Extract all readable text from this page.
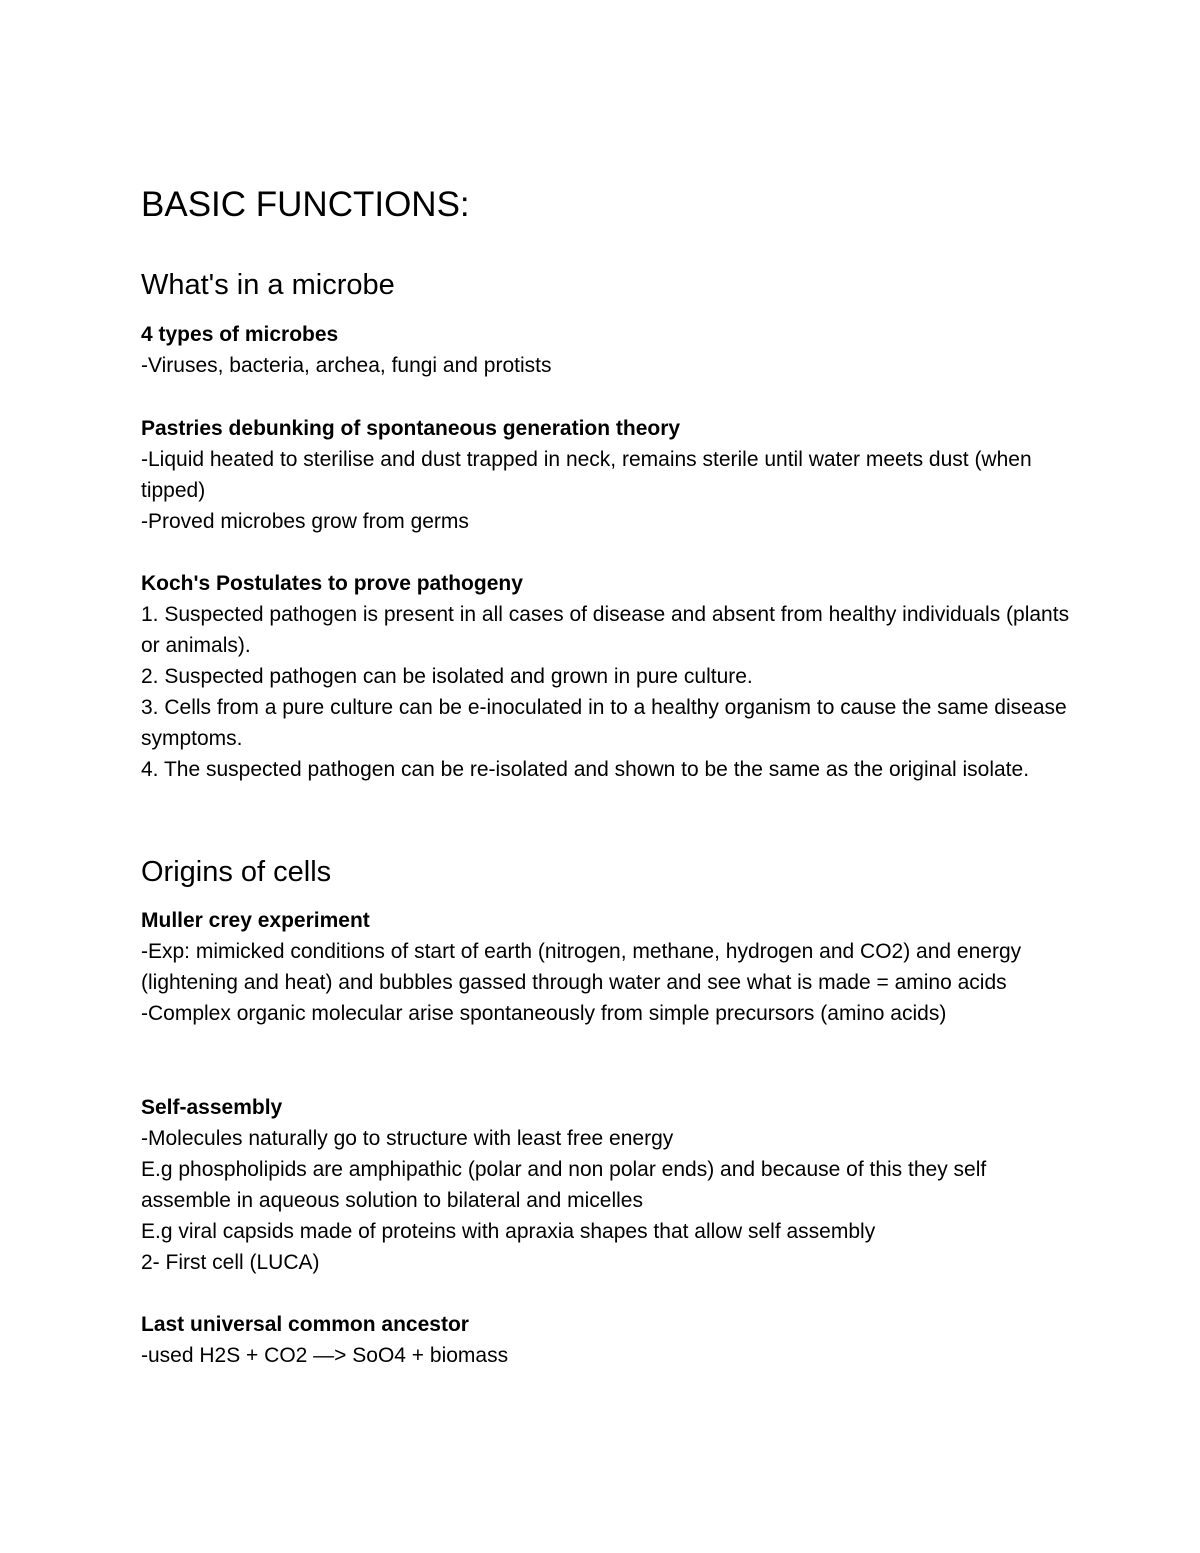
BASIC FUNCTIONS:
What's in a microbe
4 types of microbes
-Viruses, bacteria, archea, fungi and protists
Pastries debunking of spontaneous generation theory
-Liquid heated to sterilise and dust trapped in neck, remains sterile until water meets dust (when tipped)
-Proved microbes grow from germs
Koch's Postulates to prove pathogeny
1. Suspected pathogen is present in all cases of disease and absent from healthy individuals (plants or animals).
2. Suspected pathogen can be isolated and grown in pure culture.
3. Cells from a pure culture can be e-inoculated in to a healthy organism to cause the same disease symptoms.
4. The suspected pathogen can be re-isolated and shown to be the same as the original isolate.
Origins of cells
Muller crey experiment
-Exp: mimicked conditions of start of earth (nitrogen, methane, hydrogen and CO2) and energy (lightening and heat) and bubbles gassed through water and see what is made = amino acids
-Complex organic molecular arise spontaneously from simple precursors (amino acids)
Self-assembly
-Molecules naturally go to structure with least free energy
E.g phospholipids are amphipathic (polar and non polar ends) and because of this they self assemble in aqueous solution to bilateral and micelles
E.g viral capsids made of proteins with apraxia shapes that allow self assembly
2- First cell (LUCA)
Last universal common ancestor
-used H2S + CO2 —> SoO4 + biomass
